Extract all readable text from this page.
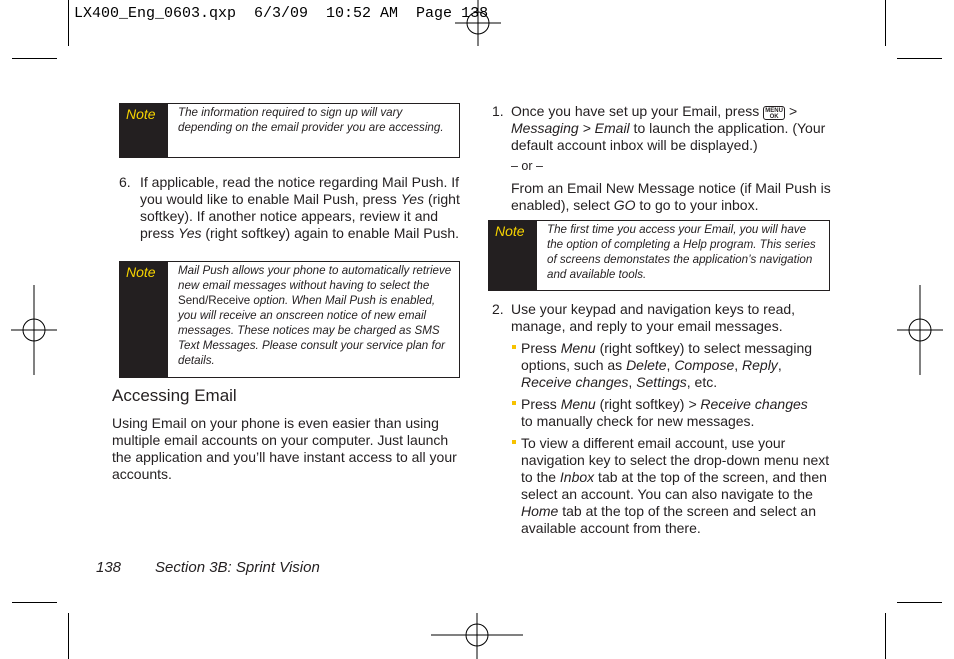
LX400_Eng_0603.qxp  6/3/09  10:52 AM  Page 138
Note	The information required to sign up will vary depending on the email provider you are accessing.
6. If applicable, read the notice regarding Mail Push. If you would like to enable Mail Push, press Yes (right softkey). If another notice appears, review it and press Yes (right softkey) again to enable Mail Push.
Note	Mail Push allows your phone to automatically retrieve new email messages without having to select the Send/Receive option. When Mail Push is enabled, you will receive an onscreen notice of new email messages. These notices may be charged as SMS Text Messages. Please consult your service plan for details.
Accessing Email
Using Email on your phone is even easier than using multiple email accounts on your computer. Just launch the application and you’ll have instant access to all your accounts.
138 Section 3B: Sprint Vision
1. Once you have set up your Email, press MENU OK >
Messaging > Email to launch the application. (Your default account inbox will be displayed.)

– or –
From an Email New Message notice (if Mail Push is enabled), select GO to go to your inbox.
Note	The first time you access your Email, you will have the option of completing a Help program. This series of screens demonstates the application’s navigation and available tools.
2. Use your keypad and navigation keys to read, manage, and reply to your email messages.
Press Menu (right softkey) to select messaging options, such as Delete, Compose, Reply, Receive changes, Settings, etc.
Press Menu (right softkey) > Receive changes to manually check for new messages.
To view a different email account, use your navigation key to select the drop-down menu next to the Inbox tab at the top of the screen, and then select an account. You can also navigate to the Home tab at the top of the screen and select an available account from there.
